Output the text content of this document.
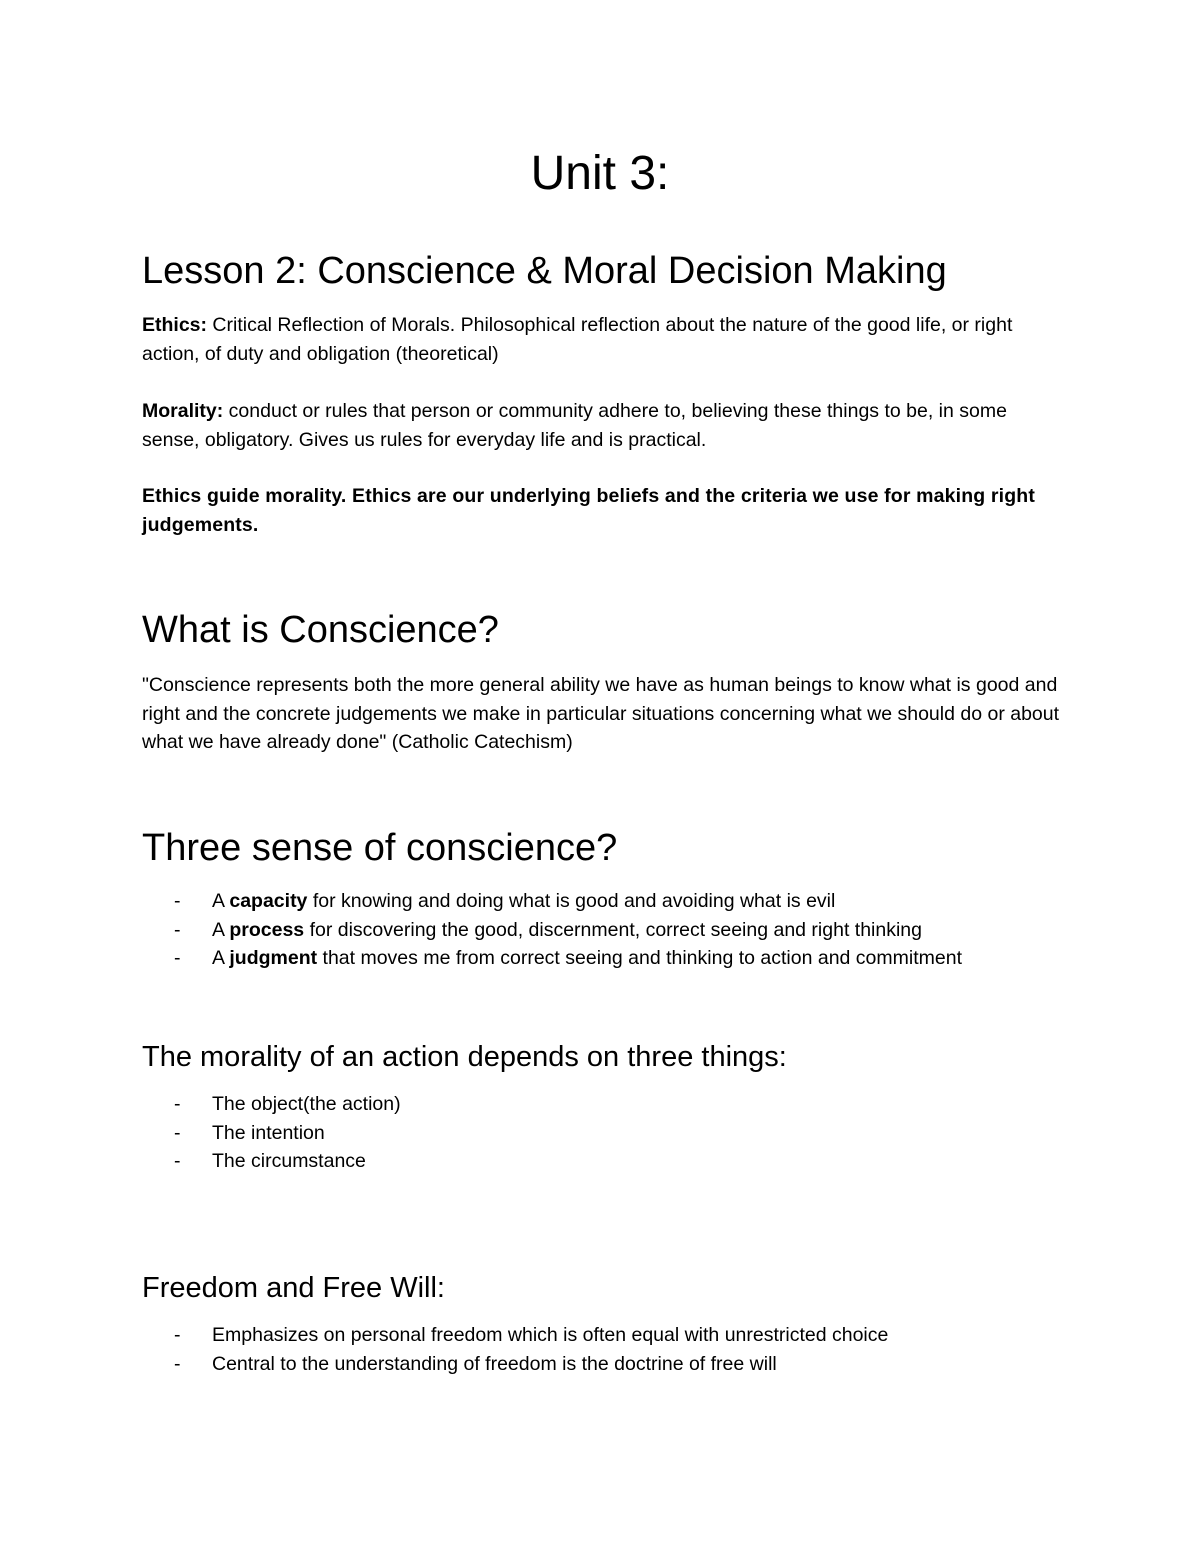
Unit 3:
Lesson 2: Conscience & Moral Decision Making

Ethics: Critical Reflection of Morals. Philosophical reflection about the nature of the good life, or right action, of duty and obligation (theoretical)

Morality: conduct or rules that person or community adhere to, believing these things to be, in some sense, obligatory. Gives us rules for everyday life and is practical.

Ethics guide morality. Ethics are our underlying beliefs and the criteria we use for making right judgements.

What is Conscience?

"Conscience represents both the more general ability we have as human beings to know what is good and right and the concrete judgements we make in particular situations concerning what we should do or about what we have already done" (Catholic Catechism)

Three sense of conscience?
- A capacity for knowing and doing what is good and avoiding what is evil
- A process for discovering the good, discernment, correct seeing and right thinking
- A judgment that moves me from correct seeing and thinking to action and commitment
The morality of an action depends on three things:
- The object(the action)
- The intention
- The circumstance
Freedom and Free Will:
- Emphasizes on personal freedom which is often equal with unrestricted choice
- Central to the understanding of freedom is the doctrine of free will
